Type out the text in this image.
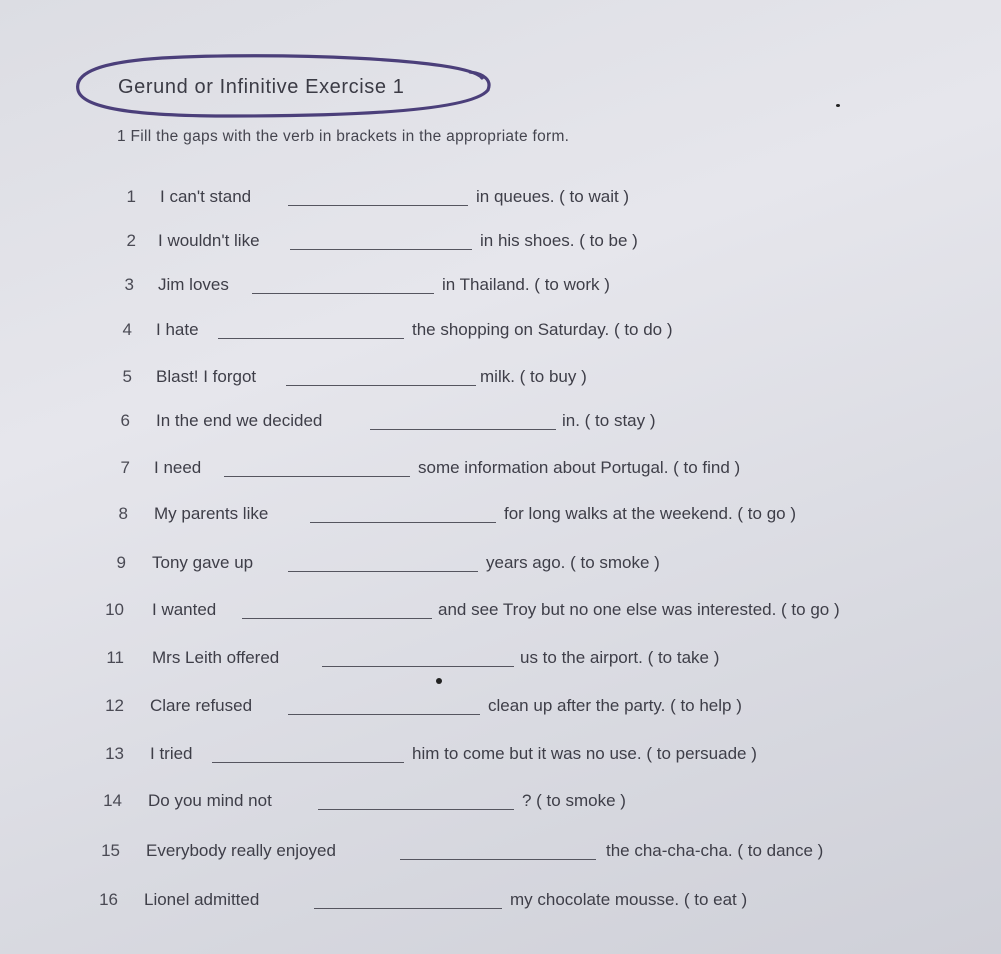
Gerund or Infinitive Exercise 1
1 Fill the gaps with the verb in brackets in the appropriate form.
1 I can't stand	in queues. ( to wait )
2 I wouldn't like	in his shoes. ( to be )
3 Jim loves	in Thailand. ( to work )
4 I hate	the shopping on Saturday. ( to do )
5 Blast! I forgot	milk. ( to buy )
6 In the end we decided	in. ( to stay )
7 I need	some information about Portugal. ( to find )
8 My parents like	for long walks at the weekend. ( to go )
9 Tony gave up	years ago. ( to smoke )
10 I wanted	and see Troy but no one else was interested. ( to go )
11 Mrs Leith offered	us to the airport. ( to take )
12 Clare refused	clean up after the party. ( to help )
13 I tried	him to come but it was no use. ( to persuade )
14 Do you mind not	? ( to smoke )
15 Everybody really enjoyed	the cha-cha-cha. ( to dance )
16 Lionel admitted	my chocolate mousse. ( to eat )
